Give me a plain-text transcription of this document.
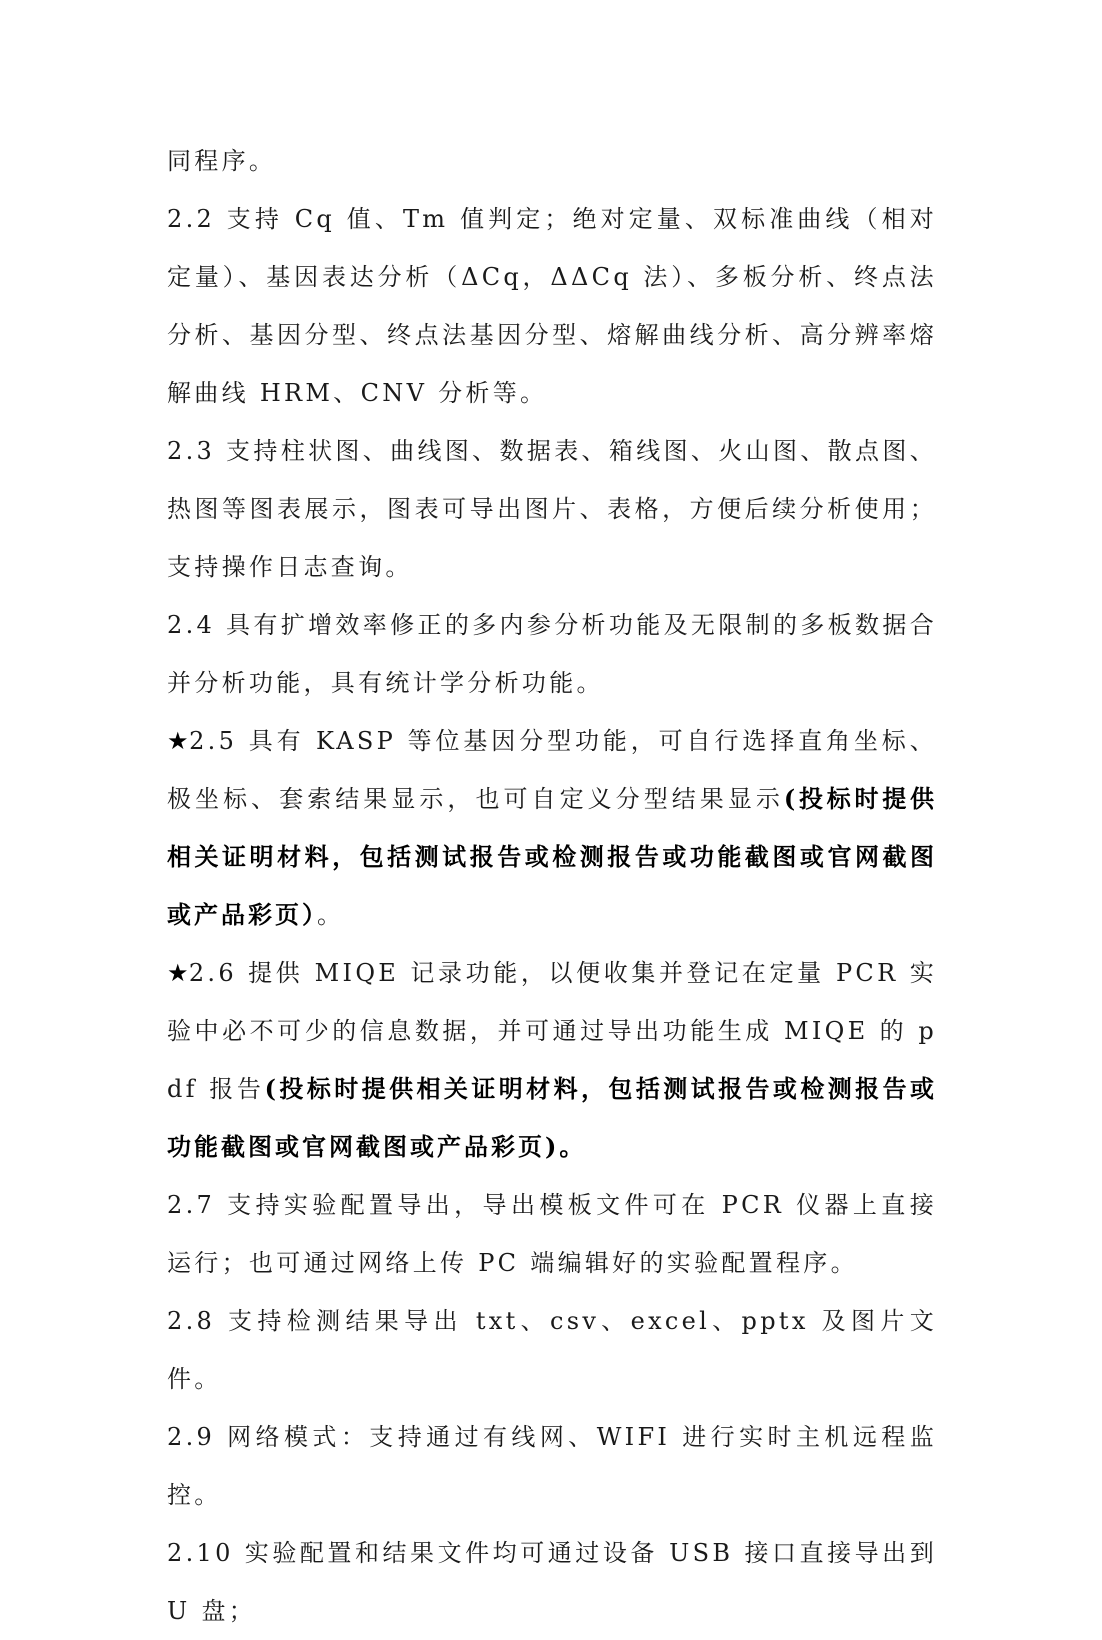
同程序。

2.2 支持 Cq 值、Tm 值判定；绝对定量、双标准曲线（相对定量）、基因表达分析（ΔCq，ΔΔCq 法）、多板分析、终点法分析、基因分型、终点法基因分型、熔解曲线分析、高分辨率熔解曲线 HRM、CNV 分析等。

2.3 支持柱状图、曲线图、数据表、箱线图、火山图、散点图、热图等图表展示，图表可导出图片、表格，方便后续分析使用；支持操作日志查询。

2.4 具有扩增效率修正的多内参分析功能及无限制的多板数据合并分析功能，具有统计学分析功能。

★2.5 具有 KASP 等位基因分型功能，可自行选择直角坐标、极坐标、套索结果显示，也可自定义分型结果显示(投标时提供相关证明材料，包括测试报告或检测报告或功能截图或官网截图或产品彩页）。

★2.6 提供 MIQE 记录功能，以便收集并登记在定量 PCR 实验中必不可少的信息数据，并可通过导出功能生成 MIQE 的 pdf 报告(投标时提供相关证明材料，包括测试报告或检测报告或功能截图或官网截图或产品彩页)。

2.7 支持实验配置导出，导出模板文件可在 PCR 仪器上直接运行；也可通过网络上传 PC 端编辑好的实验配置程序。

2.8 支持检测结果导出 txt、csv、excel、pptx 及图片文件。

2.9 网络模式：支持通过有线网、WIFI 进行实时主机远程监控。

2.10 实验配置和结果文件均可通过设备 USB 接口直接导出到 U 盘；
